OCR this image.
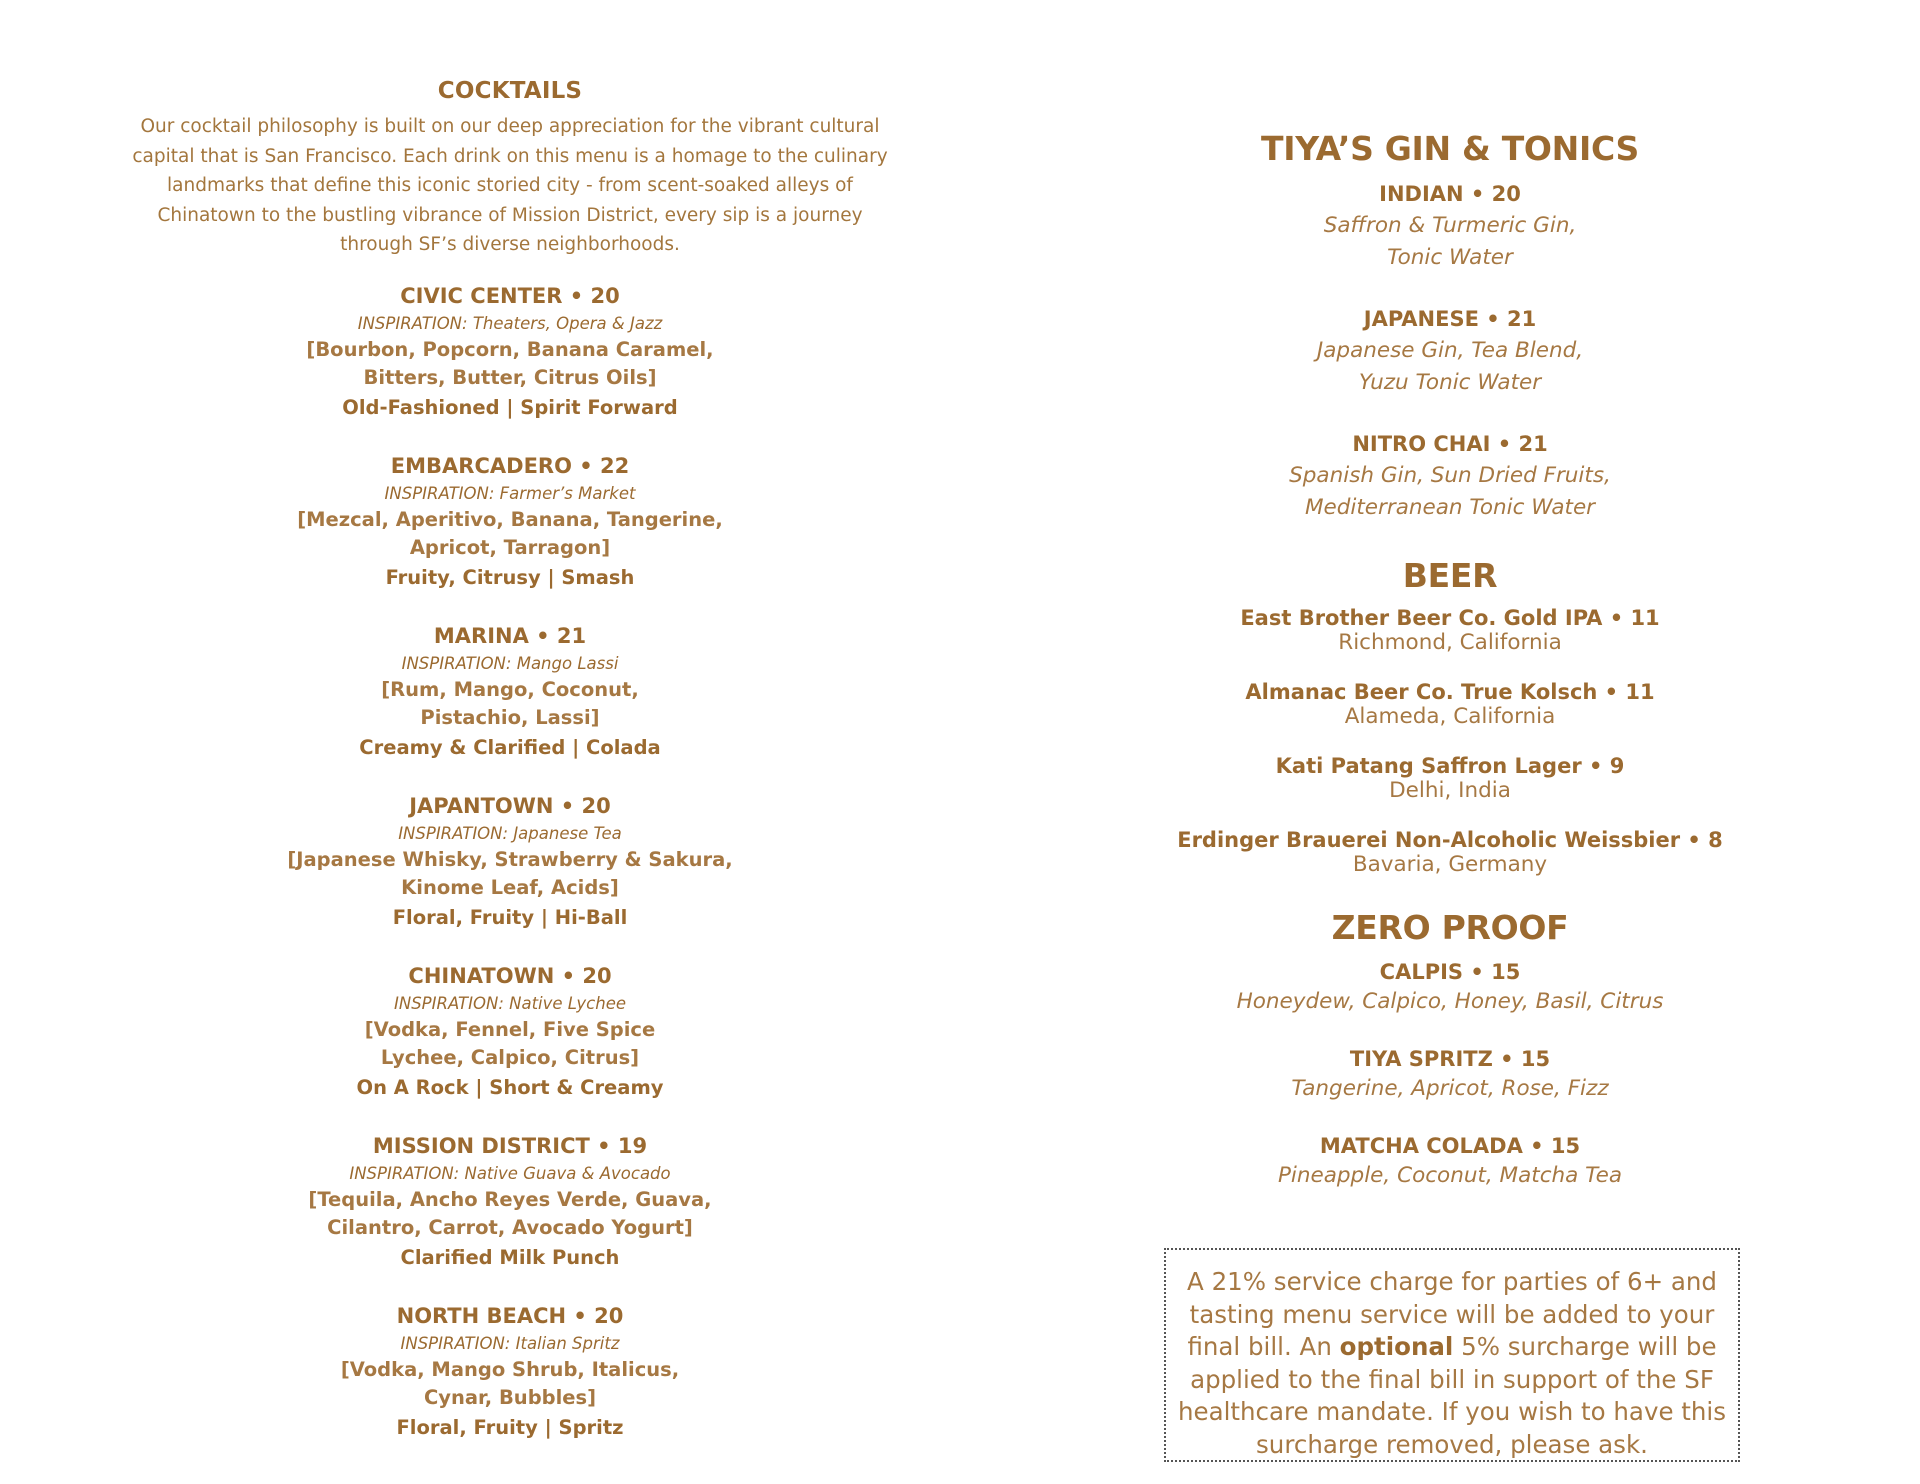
COCKTAILS
Our cocktail philosophy is built on our deep appreciation for the vibrant cultural capital that is San Francisco. Each drink on this menu is a homage to the culinary landmarks that define this iconic storied city - from scent-soaked alleys of Chinatown to the bustling vibrance of Mission District, every sip is a journey through SF’s diverse neighborhoods.
CIVIC CENTER • 20
INSPIRATION: Theaters, Opera & Jazz
[Bourbon, Popcorn, Banana Caramel,
Bitters, Butter, Citrus Oils]
Old-Fashioned | Spirit Forward
EMBARCADERO • 22
INSPIRATION: Farmer’s Market
[Mezcal, Aperitivo, Banana, Tangerine,
Apricot, Tarragon]
Fruity, Citrusy | Smash
MARINA • 21
INSPIRATION: Mango Lassi
[Rum, Mango, Coconut,
Pistachio, Lassi]
Creamy & Clarified | Colada
JAPANTOWN • 20
INSPIRATION: Japanese Tea
[Japanese Whisky, Strawberry & Sakura,
Kinome Leaf, Acids]
Floral, Fruity | Hi-Ball
CHINATOWN • 20
INSPIRATION: Native Lychee
[Vodka, Fennel, Five Spice
Lychee, Calpico, Citrus]
On A Rock | Short & Creamy
MISSION DISTRICT • 19
INSPIRATION: Native Guava & Avocado
[Tequila, Ancho Reyes Verde, Guava,
Cilantro, Carrot, Avocado Yogurt]
Clarified Milk Punch
NORTH BEACH • 20
INSPIRATION: Italian Spritz
[Vodka, Mango Shrub, Italicus,
Cynar, Bubbles]
Floral, Fruity | Spritz
TIYA’S GIN & TONICS
INDIAN • 20
Saffron & Turmeric Gin,
Tonic Water
JAPANESE • 21
Japanese Gin, Tea Blend,
Yuzu Tonic Water
NITRO CHAI • 21
Spanish Gin, Sun Dried Fruits,
Mediterranean Tonic Water
BEER
East Brother Beer Co. Gold IPA • 11
Richmond, California
Almanac Beer Co. True Kolsch • 11
Alameda, California
Kati Patang Saffron Lager • 9
Delhi, India
Erdinger Brauerei Non-Alcoholic Weissbier • 8
Bavaria, Germany
ZERO PROOF
CALPIS • 15
Honeydew, Calpico, Honey, Basil, Citrus
TIYA SPRITZ • 15
Tangerine, Apricot, Rose, Fizz
MATCHA COLADA • 15
Pineapple, Coconut, Matcha Tea
A 21% service charge for parties of 6+ and tasting menu service will be added to your final bill. An optional 5% surcharge will be applied to the final bill in support of the SF healthcare mandate. If you wish to have this surcharge removed, please ask.
